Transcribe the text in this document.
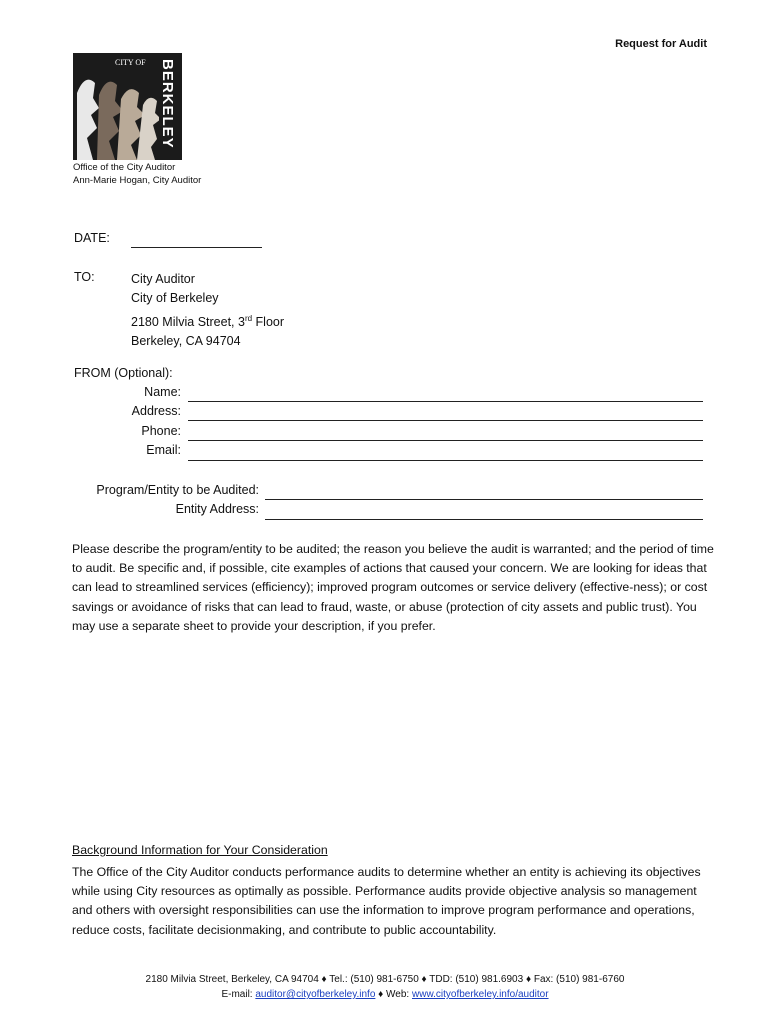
Request for Audit
BERKELEY
CITY OF
Office of the City Auditor
Ann-Marie Hogan, City Auditor
DATE:
TO:	City Auditor
City of Berkeley
2180 Milvia Street, 3rd Floor
Berkeley, CA 94704
FROM (Optional):
Name:
Address:
Phone:
Email:
Program/Entity to be Audited:
Entity Address:
Please describe the program/entity to be audited; the reason you believe the audit is warranted; and the period of time to audit. Be specific and, if possible, cite examples of actions that caused your concern. We are looking for ideas that can lead to streamlined services (efficiency); improved program outcomes or service delivery (effective-ness); or cost savings or avoidance of risks that can lead to fraud, waste, or abuse (protection of city assets and public trust). You may use a separate sheet to provide your description, if you prefer.
Background Information for Your Consideration
The Office of the City Auditor conducts performance audits to determine whether an entity is achieving its objectives while using City resources as optimally as possible. Performance audits provide objective analysis so management and others with oversight responsibilities can use the information to improve program performance and operations, reduce costs, facilitate decisionmaking, and contribute to public accountability.
2180 Milvia Street, Berkeley, CA 94704 ♦ Tel.: (510) 981-6750 ♦ TDD: (510) 981.6903 ♦ Fax: (510) 981-6760
E-mail: auditor@cityofberkeley.info ♦ Web: www.cityofberkeley.info/auditor
